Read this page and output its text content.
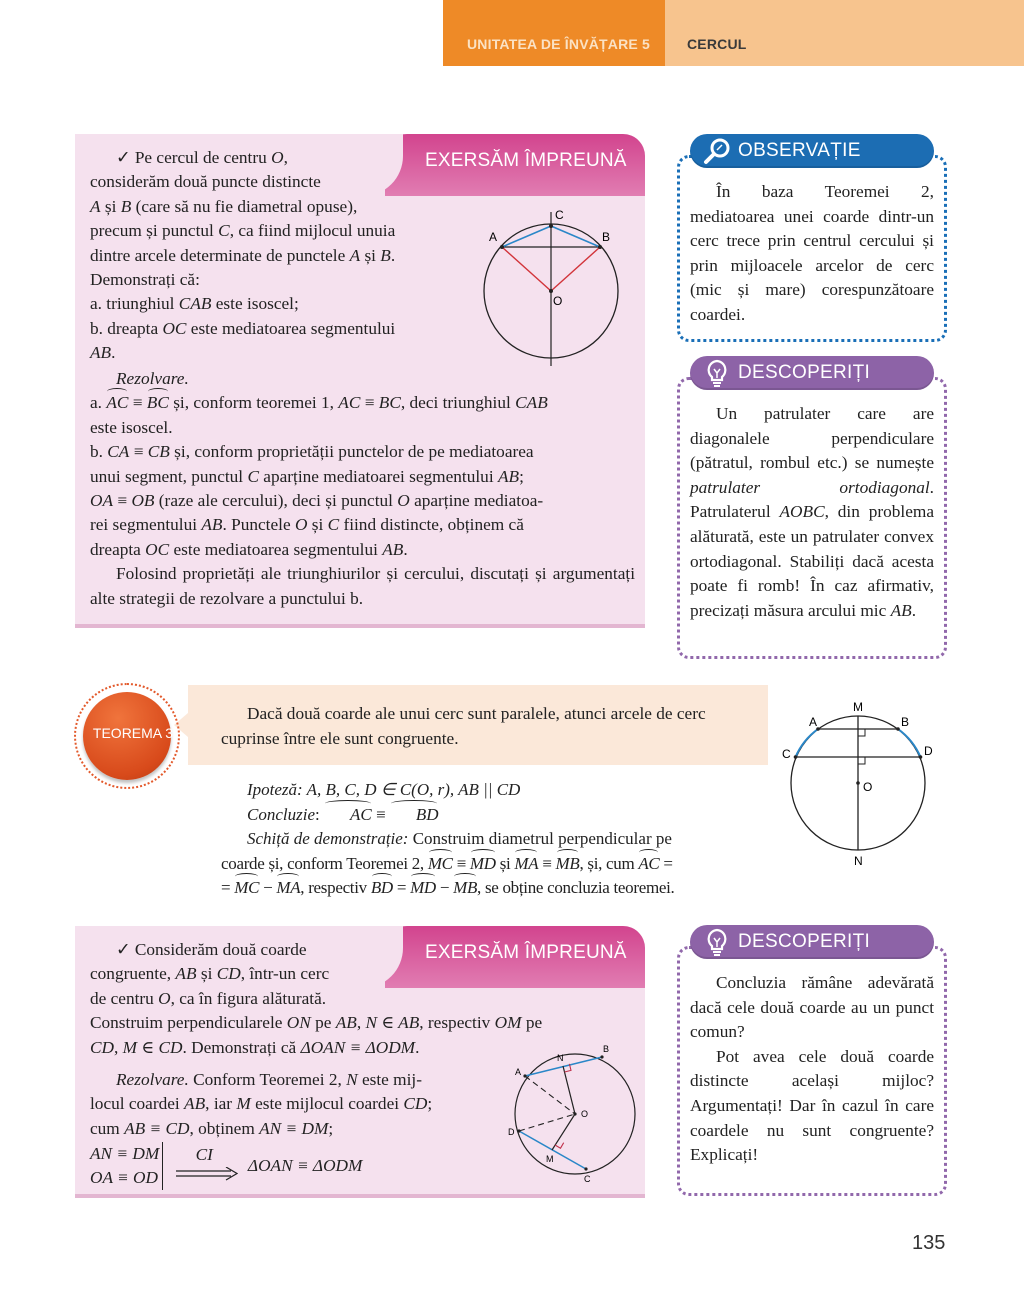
UNITATEA DE ÎNVĂȚARE 5	CERCUL
EXERSĂM ÎMPREUNĂ
✓ Pe cercul de centru O,
considerăm două puncte distincte
A și B (care să nu fie diametral opuse),
precum și punctul C, ca fiind mijlocul unuia
dintre arcele determinate de punctele A și B.
Demonstrați că:
a. triunghiul CAB este isoscel;
b. dreapta OC este mediatoarea segmentului
AB.
A	B
C
O
Rezolvare.
a. AC ≡ BC și, conform teoremei 1, AC ≡ BC, deci triunghiul CAB
este isoscel.
b. CA ≡ CB și, conform proprietății punctelor de pe mediatoarea
unui segment, punctul C aparține mediatoarei segmentului AB;
OA ≡ OB (raze ale cercului), deci și punctul O aparține mediatoa-
rei segmentului AB. Punctele O și C fiind distincte, obținem că
dreapta OC este mediatoarea segmentului AB.
Folosind proprietăți ale triunghiurilor și cercului, discutați și argumentați alte strategii de rezolvare a punctului b.
OBSERVAȚIE
În baza Teoremei 2, mediatoarea unei coarde dintr-un cerc trece prin centrul cercului și prin mijloacele arcelor de cerc (mic și mare) corespunzătoare coardei.
DESCOPERIȚI
Un patrulater care are diagonalele perpendiculare (pătratul, rombul etc.) se numește patrulater ortodiagonal. Patrulaterul AOBC, din problema alăturată, este un patrulater convex ortodiagonal. Stabiliți dacă acesta poate fi romb! În caz afirmativ, precizați măsura arcului mic AB.
TEOREMA 3
Dacă două coarde ale unui cerc sunt paralele, atunci arcele de cerc cuprinse între ele sunt congruente.
Ipoteză: A, B, C, D ∈ C(O, r), AB || CD
Concluzie: AC ≡ BD
Schiță de demonstrație: Construim diametrul perpendicular pe
coarde și, conform Teoremei 2, MC ≡ MD și MA ≡ MB, și, cum AC =
= MC − MA, respectiv BD = MD − MB, se obține concluzia teoremei.
M
A	B
C	D
O
N
EXERSĂM ÎMPREUNĂ
✓ Considerăm două coarde
congruente, AB și CD, într-un cerc
de centru O, ca în figura alăturată.
Construim perpendicularele ON pe AB, N ∈ AB, respectiv OM pe
CD, M ∈ CD. Demonstrați că ΔOAN ≡ ΔODM.
Rezolvare. Conform Teoremei 2, N este mij-
locul coardei AB, iar M este mijlocul coardei CD;
cum AB ≡ CD, obținem AN ≡ DM;
AN ≡ DM
OA ≡ OD

CI
ΔOAN ≡ ΔODM
A
B
N
O
D
M
C
DESCOPERIȚI
Concluzia rămâne adevărată dacă cele două coarde au un punct comun?
Pot avea cele două coarde distincte același mijloc? Argumentați! Dar în cazul în care coardele nu sunt congruente? Explicați!
135
